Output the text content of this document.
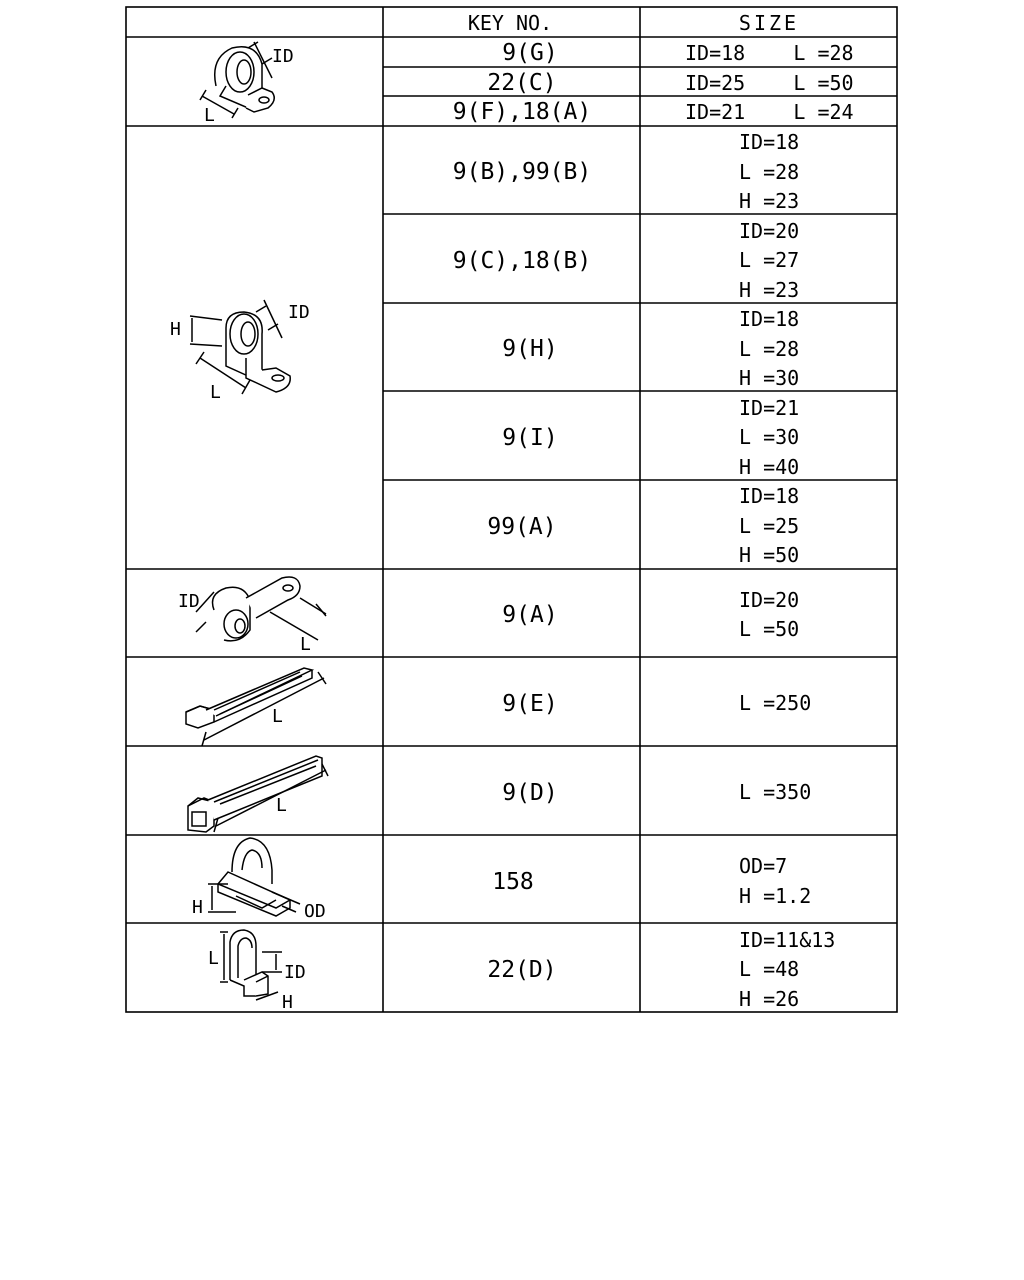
KEY NO.	SIZE
9(G)
22(C)
9(F),18(A)
9(B),99(B)
9(C),18(B)
9(H)
9(I)
99(A)
9(A)
9(E)
9(D)
158
22(D)
ID=18    L =28
ID=25    L =50
ID=21    L =24
ID=18
L =28
H =23
ID=20
L =27
H =23
ID=18
L =28
H =30
ID=21
L =30
H =40
ID=18
L =25
H =50
ID=20
L =50
L =250
L =350
OD=7
H =1.2
ID=11&13
L =48
H =26
ID
L
ID
H
L
ID
L
L
L
H	OD
L
ID
H
